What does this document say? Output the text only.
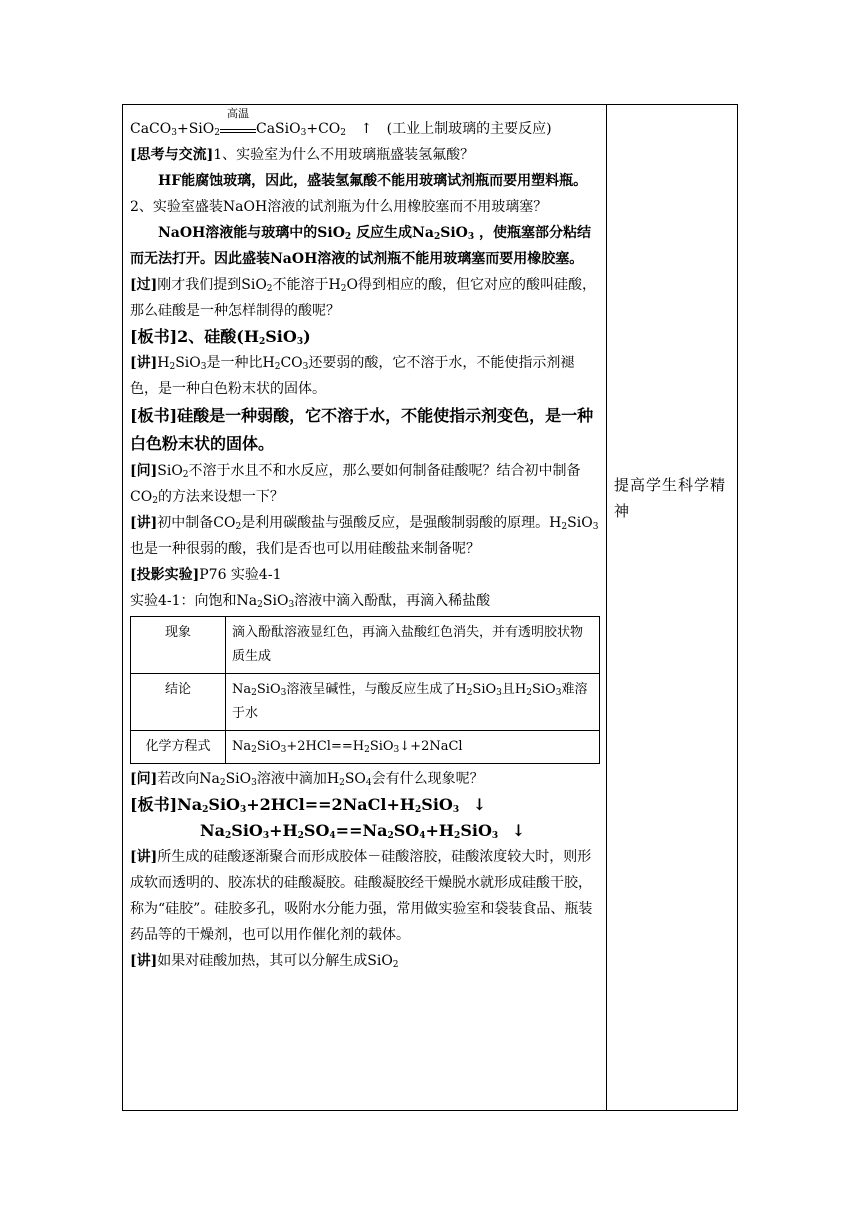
CaCO$_3$+SiO$_2$
高温
$CaSiO_3+CO_2$ ↑ (工业上制玻璃的主要反应)
[思考与交流]1、实验室为什么不用玻璃瓶盛装氢氟酸？
HF能腐蚀玻璃，因此，盛装氢氟酸不能用玻璃试剂瓶而要用塑料瓶。
2、实验室盛装NaOH溶液的试剂瓶为什么用橡胶塞而不用玻璃塞？
NaOH溶液能与玻璃中的SiO$_2$ 反应生成$Na_2SiO_3$ ，使瓶塞部分粘结而无法打开。因此盛装NaOH溶液的试剂瓶不能用玻璃塞而要用橡胶塞。
[过]刚才我们提到SiO$_2$不能溶于$H_2O$得到相应的酸，但它对应的酸叫硅酸，那么硅酸是一种怎样制得的酸呢？
[板书]2、硅酸$(H_2SiO_3)$
[讲]$H_2SiO_3$是一种比$H_2CO_3$还要弱的酸，它不溶于水，不能使指示剂褪色，是一种白色粉末状的固体。
[板书]硅酸是一种弱酸，它不溶于水，不能使指示剂变色，是一种白色粉末状的固体。
[问]SiO$_2$不溶于水且不和水反应，那么要如何制备硅酸呢？结合初中制备$CO_2$的方法来设想一下？
[讲]初中制备$CO_2$是利用碳酸盐与强酸反应，是强酸制弱酸的原理。$H_2SiO_3$也是一种很弱的酸，我们是否也可以用硅酸盐来制备呢？
[投影实验]P76 实验4-1
实验4-1：向饱和$Na_2SiO_3$溶液中滴入酚酞，再滴入稀盐酸
现象	滴入酚酞溶液显红色，再滴入盐酸红色消失，并有透明胶状物质生成
结论	$Na_2SiO_3$溶液呈碱性，与酸反应生成了$H_2SiO_3$且$H_2SiO_3$难溶于水
化学方程式	$Na_2SiO_3+2HCl==H_2SiO_3↓+2NaCl$
[问]若改向$Na_2SiO_3$溶液中滴加$H_2SO_4$会有什么现象呢？
[板书]$Na_2SiO_3+2HCl==2NaCl+H_2SiO_3$ ↓
$Na_2SiO_3+H_2SO_4==Na_2SO_4+H_2SiO_3$ ↓
[讲]所生成的硅酸逐渐聚合而形成胶体－硅酸溶胶，硅酸浓度较大时，则形成软而透明的、胶冻状的硅酸凝胶。硅酸凝胶经干燥脱水就形成硅酸干胶，称为“硅胶”。硅胶多孔，吸附水分能力强，常用做实验室和袋装食品、瓶装药品等的干燥剂，也可以用作催化剂的载体。
[讲]如果对硅酸加热，其可以分解生成SiO$_2$
提高学生科学精神
